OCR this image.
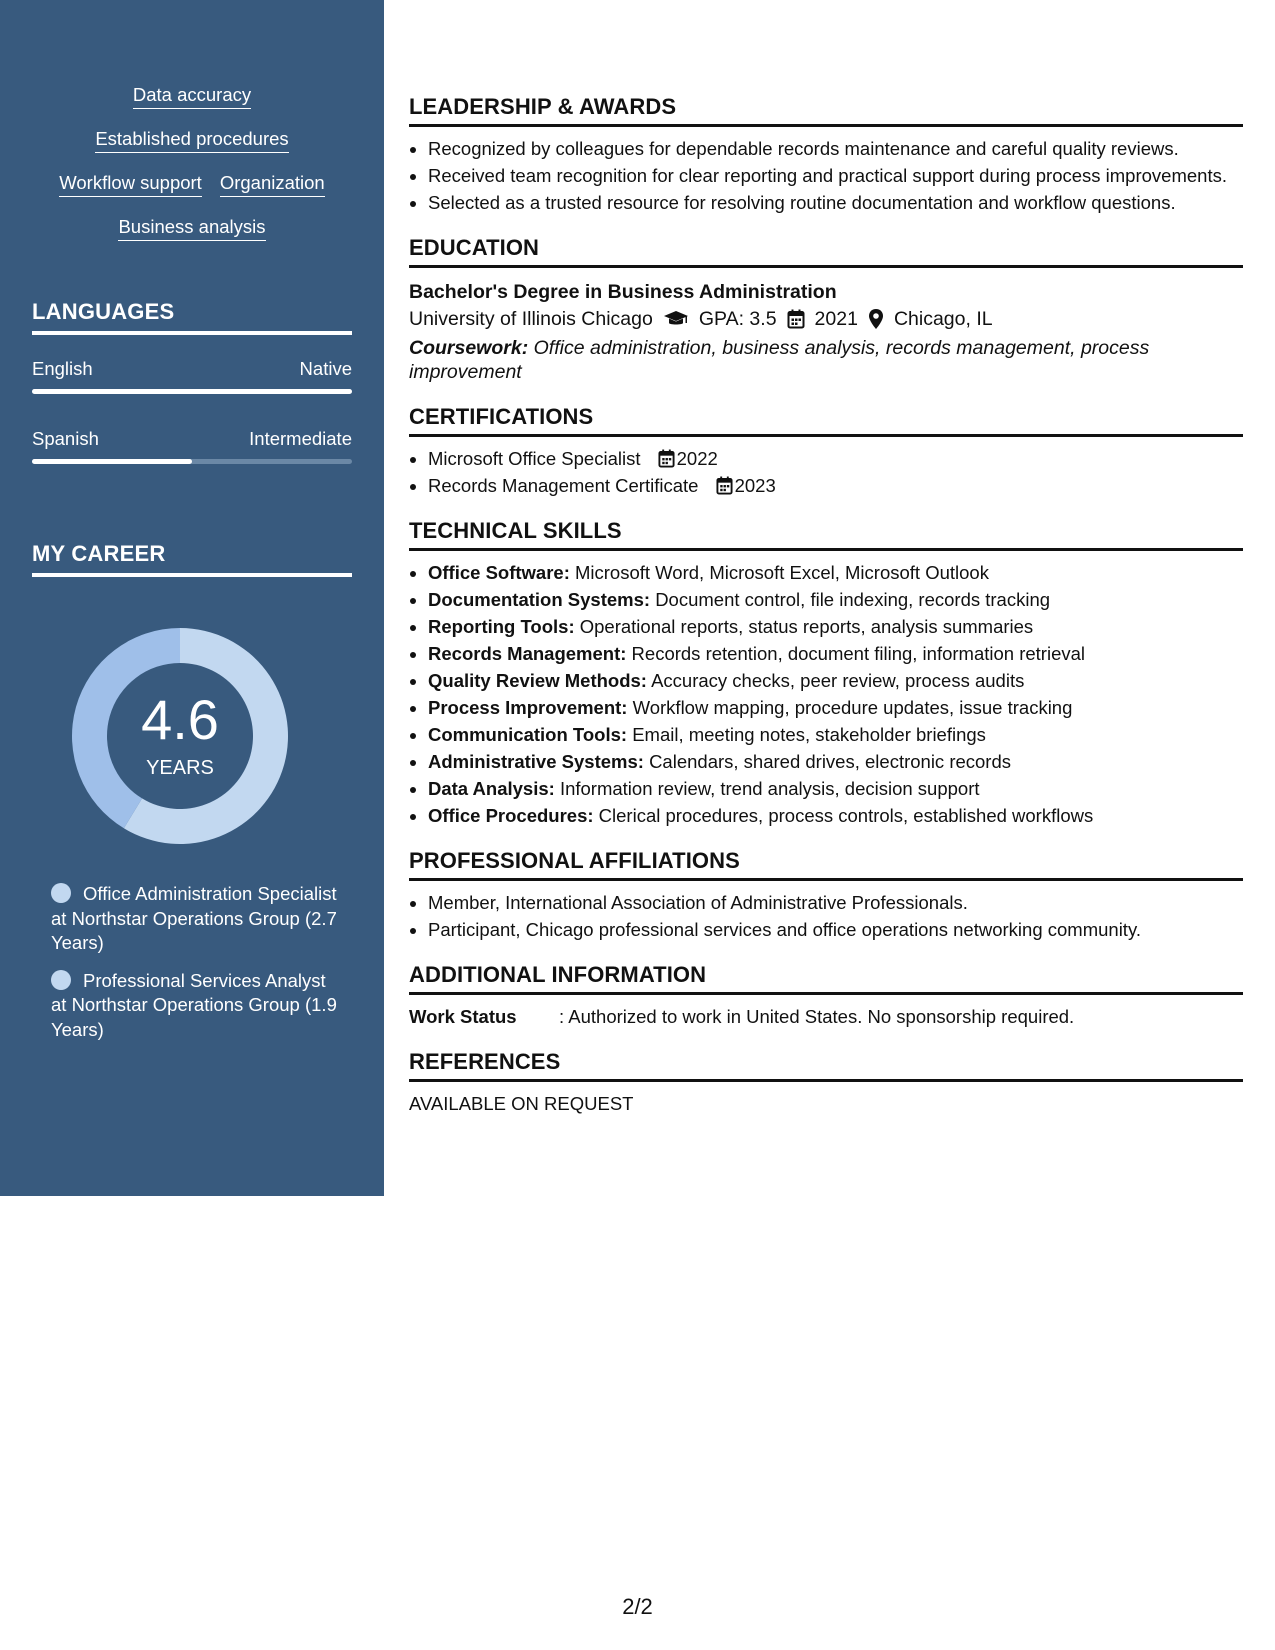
Data accuracy
Established procedures
Workflow support Organization
Business analysis
LANGUAGES
English	Native
Spanish	Intermediate
MY CAREER
4.6
YEARS
Office Administration Specialist at Northstar Operations Group (2.7 Years)
Professional Services Analyst at Northstar Operations Group (1.9 Years)
LEADERSHIP & AWARDS
• Recognized by colleagues for dependable records maintenance and careful quality reviews.
• Received team recognition for clear reporting and practical support during process improvements.
• Selected as a trusted resource for resolving routine documentation and workflow questions.
EDUCATION
Bachelor's Degree in Business Administration
University of Illinois Chicago GPA: 3.5 2021 Chicago, IL
Coursework: Office administration, business analysis, records management, process improvement
CERTIFICATIONS
• Microsoft Office Specialist 2022
• Records Management Certificate 2023
TECHNICAL SKILLS
• Office Software: Microsoft Word, Microsoft Excel, Microsoft Outlook
• Documentation Systems: Document control, file indexing, records tracking
• Reporting Tools: Operational reports, status reports, analysis summaries
• Records Management: Records retention, document filing, information retrieval
• Quality Review Methods: Accuracy checks, peer review, process audits
• Process Improvement: Workflow mapping, procedure updates, issue tracking
• Communication Tools: Email, meeting notes, stakeholder briefings
• Administrative Systems: Calendars, shared drives, electronic records
• Data Analysis: Information review, trend analysis, decision support
• Office Procedures: Clerical procedures, process controls, established workflows
PROFESSIONAL AFFILIATIONS
• Member, International Association of Administrative Professionals.
• Participant, Chicago professional services and office operations networking community.
ADDITIONAL INFORMATION
Work Status	: Authorized to work in United States. No sponsorship required.
REFERENCES
AVAILABLE ON REQUEST
2/2
